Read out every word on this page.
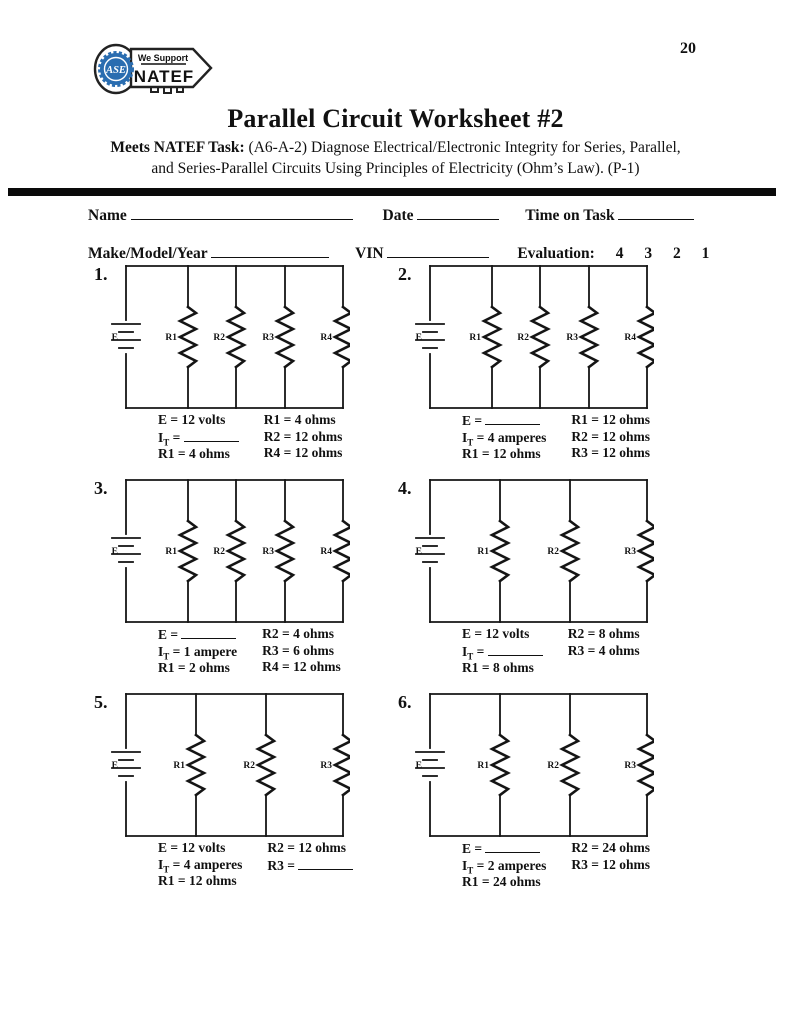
20
ASE
We Support
NATEF
Parallel Circuit Worksheet #2
Meets NATEF Task: (A6-A-2) Diagnose Electrical/Electronic Integrity for Series, Parallel,
and Series-Parallel Circuits Using Principles of Electricity (Ohm’s Law). (P-1)
Name	Date	Time on Task
Make/Model/Year	VIN	Evaluation: 4 3 2 1
1.
E	R1	R2	R3	R4
E = 12 volts
$I_T$ =
R1 = 4 ohms
R1 = 4 ohms
R2 = 12 ohms
R4 = 12 ohms
2.
E	R1	R2	R3	R4
E =
$I_T = 4$ amperes
R1 = 12 ohms
R1 = 12 ohms
R2 = 12 ohms
R3 = 12 ohms
3.
E	R1	R2	R3	R4
E =
$I_T = 1$ ampere
R1 = 2 ohms
R2 = 4 ohms
R3 = 6 ohms
R4 = 12 ohms
4.
E	R1	R2	R3
E = 12 volts
$I_T$ =
R1 = 8 ohms
R2 = 8 ohms
R3 = 4 ohms
5.
E	R1	R2	R3
E = 12 volts
$I_T = 4$ amperes
R1 = 12 ohms
R2 = 12 ohms
R3 =
6.
E	R1	R2	R3
E =
$I_T = 2$ amperes
R1 = 24 ohms
R2 = 24 ohms
R3 = 12 ohms
